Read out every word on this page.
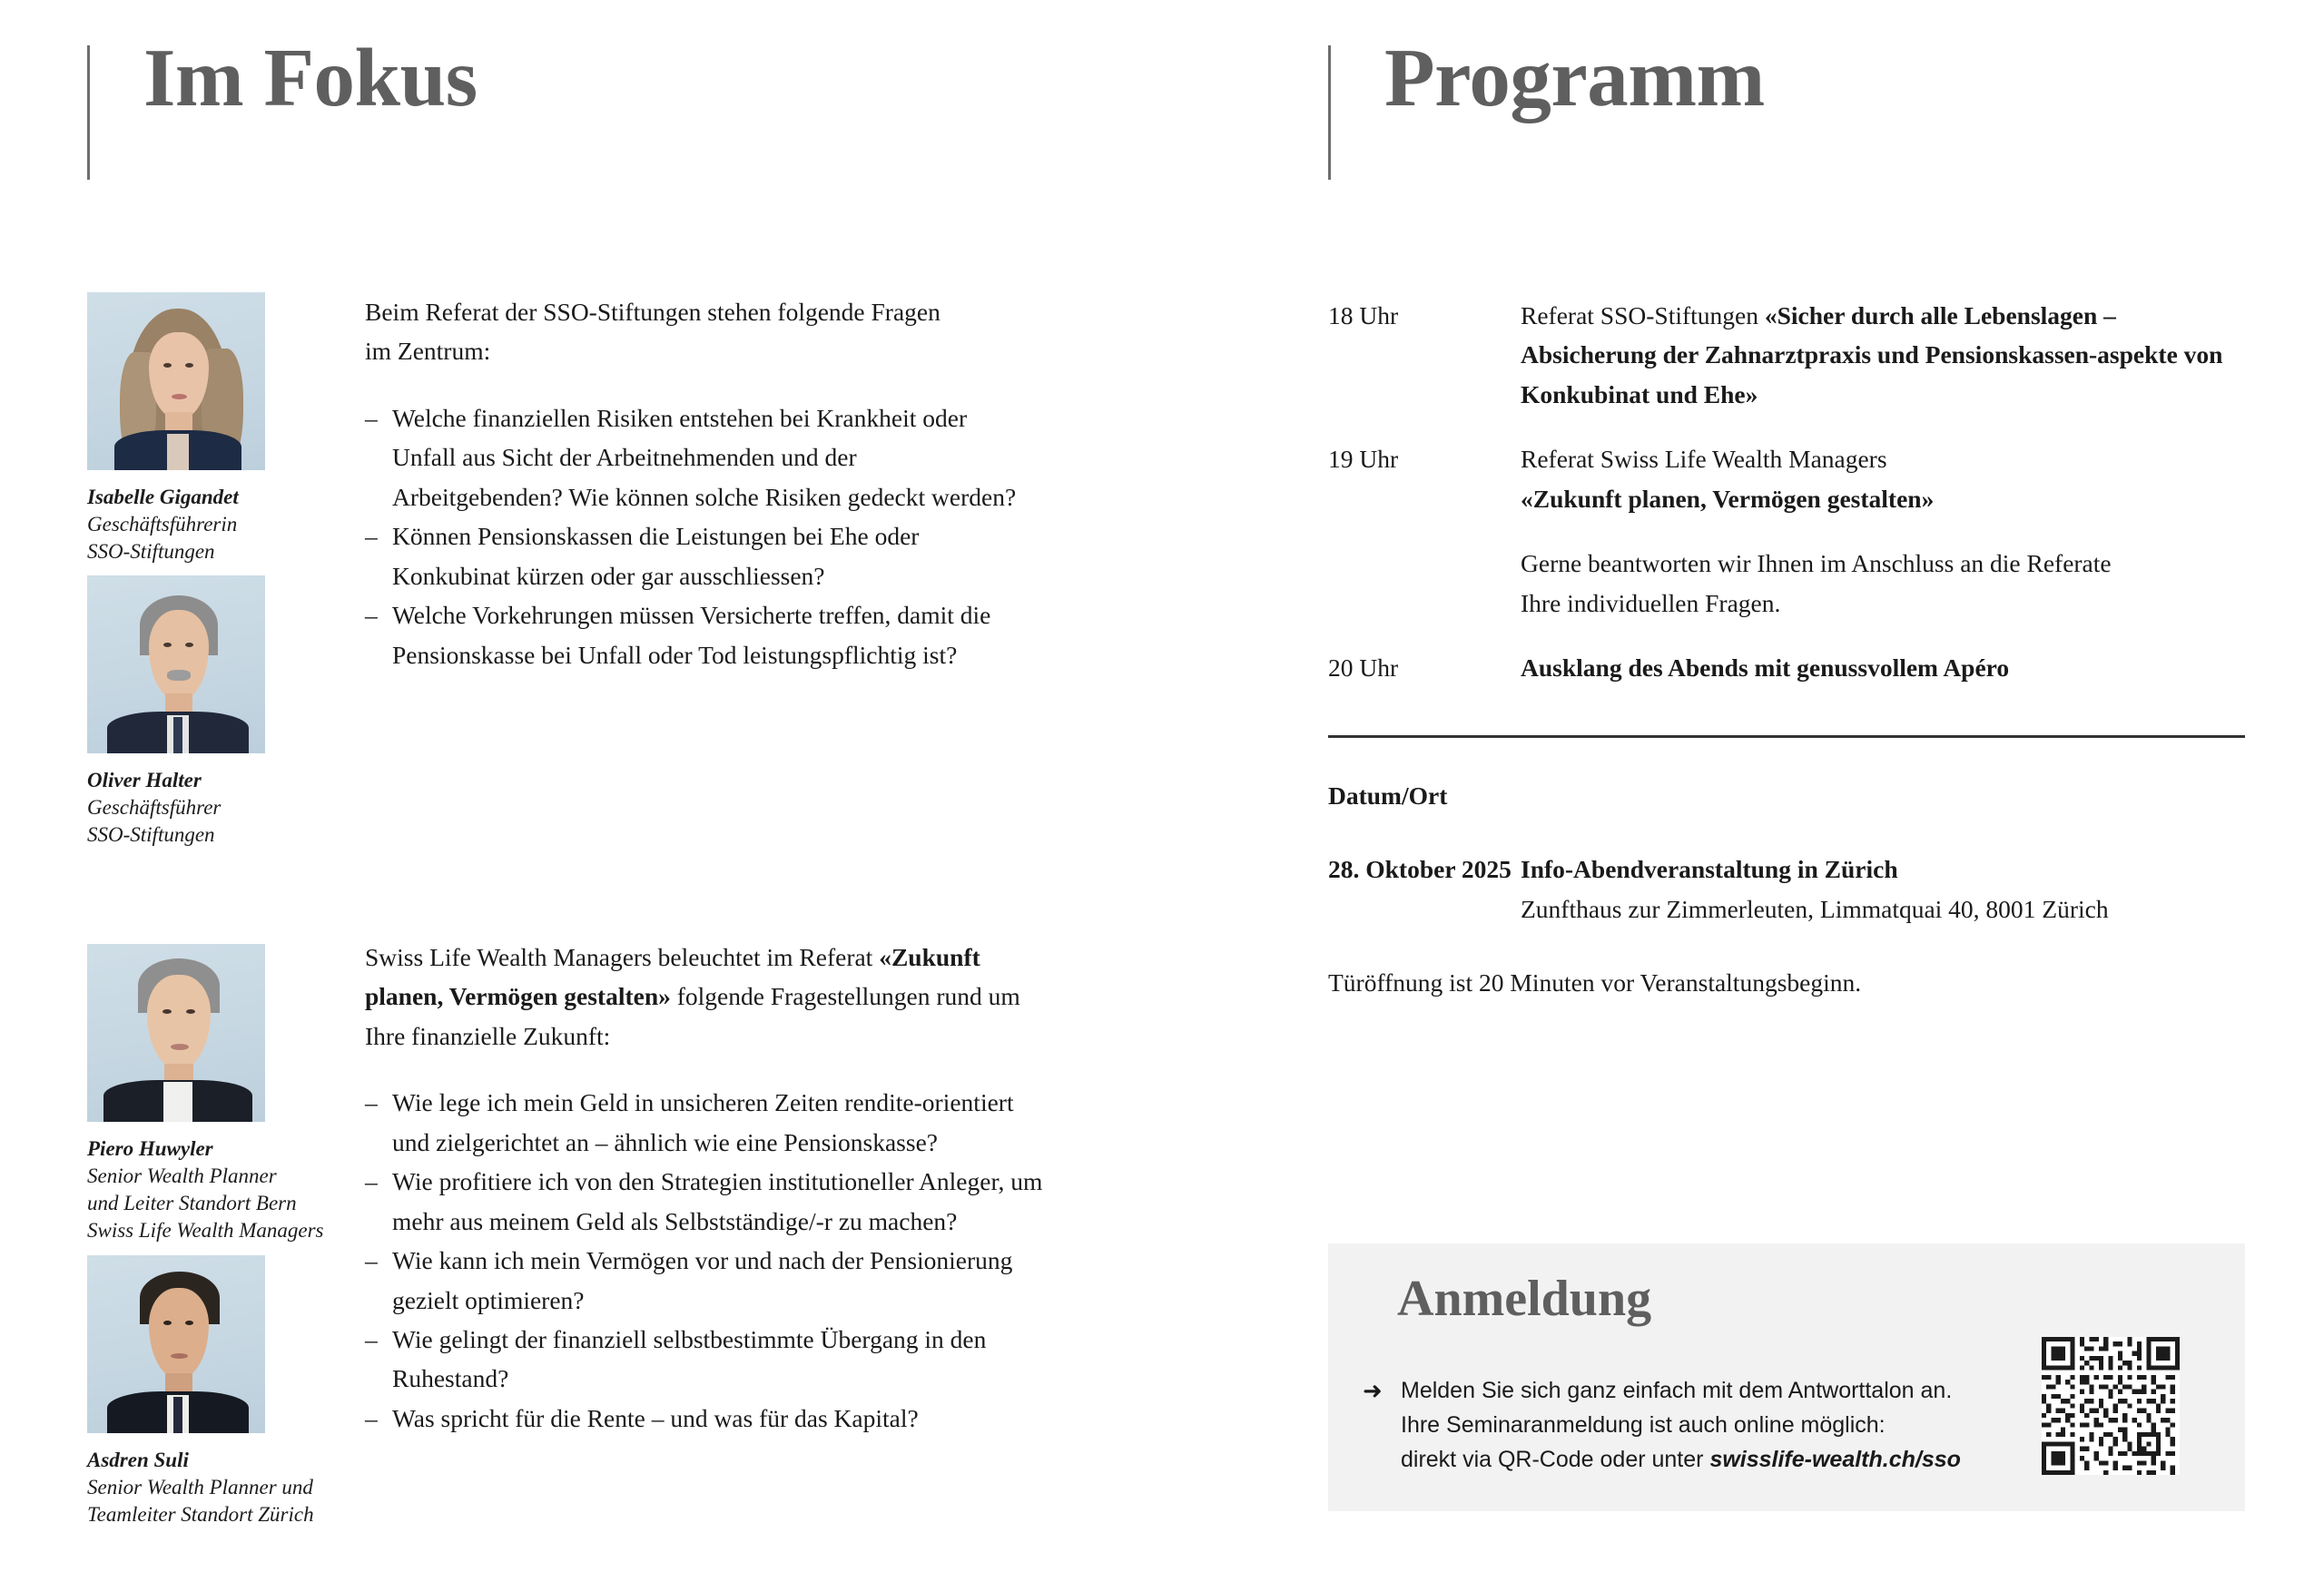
Im Fokus
Isabelle Gigandet
Geschäftsführerin
SSO-Stiftungen
Oliver Halter
Geschäftsführer
SSO-Stiftungen
Piero Huwyler
Senior Wealth Planner
und Leiter Standort Bern
Swiss Life Wealth Managers
Asdren Suli
Senior Wealth Planner und
Teamleiter Standort Zürich

Beim Referat der SSO-Stiftungen stehen folgende Fragen

im Zentrum:

– Welche finanziellen Risiken entstehen bei Krankheit oder Unfall aus Sicht der Arbeitnehmenden und der Arbeitgebenden? Wie können solche Risiken gedeckt werden?
– Können Pensionskassen die Leistungen bei Ehe oder Konkubinat kürzen oder gar ausschliessen?
– Welche Vorkehrungen müssen Versicherte treffen, damit die Pensionskasse bei Unfall oder Tod leistungspflichtig ist?

Swiss Life Wealth Managers beleuchtet im Referat «Zukunft planen, Vermögen gestalten» folgende Fragestellungen rund um Ihre finanzielle Zukunft:

– Wie lege ich mein Geld in unsicheren Zeiten rendite-orientiert und zielgerichtet an – ähnlich wie eine Pensionskasse?
– Wie profitiere ich von den Strategien institutioneller Anleger, um mehr aus meinem Geld als Selbstständige/-r zu machen?
– Wie kann ich mein Vermögen vor und nach der Pensionierung gezielt optimieren?
– Wie gelingt der finanziell selbstbestimmte Übergang in den Ruhestand?
– Was spricht für die Rente – und was für das Kapital?
Programm
18 Uhr	Referat SSO-Stiftungen «Sicher durch alle Lebenslagen – Absicherung der Zahnarztpraxis und Pensionskassen-aspekte von Konkubinat und Ehe»
19 Uhr	Referat Swiss Life Wealth Managers
«Zukunft planen, Vermögen gestalten»
Gerne beantworten wir Ihnen im Anschluss an die Referate Ihre individuellen Fragen.
20 Uhr	Ausklang des Abends mit genussvollem Apéro
Datum/Ort
28. Oktober 2025 Info-Abendveranstaltung in Zürich
Zunfthaus zur Zimmerleuten, Limmatquai 40, 8001 Zürich
Türöffnung ist 20 Minuten vor Veranstaltungsbeginn.
Anmeldung
➜ Melden Sie sich ganz einfach mit dem Antworttalon an.
Ihre Seminaranmeldung ist auch online möglich:
direkt via QR-Code oder unter swisslife-wealth.ch/sso
